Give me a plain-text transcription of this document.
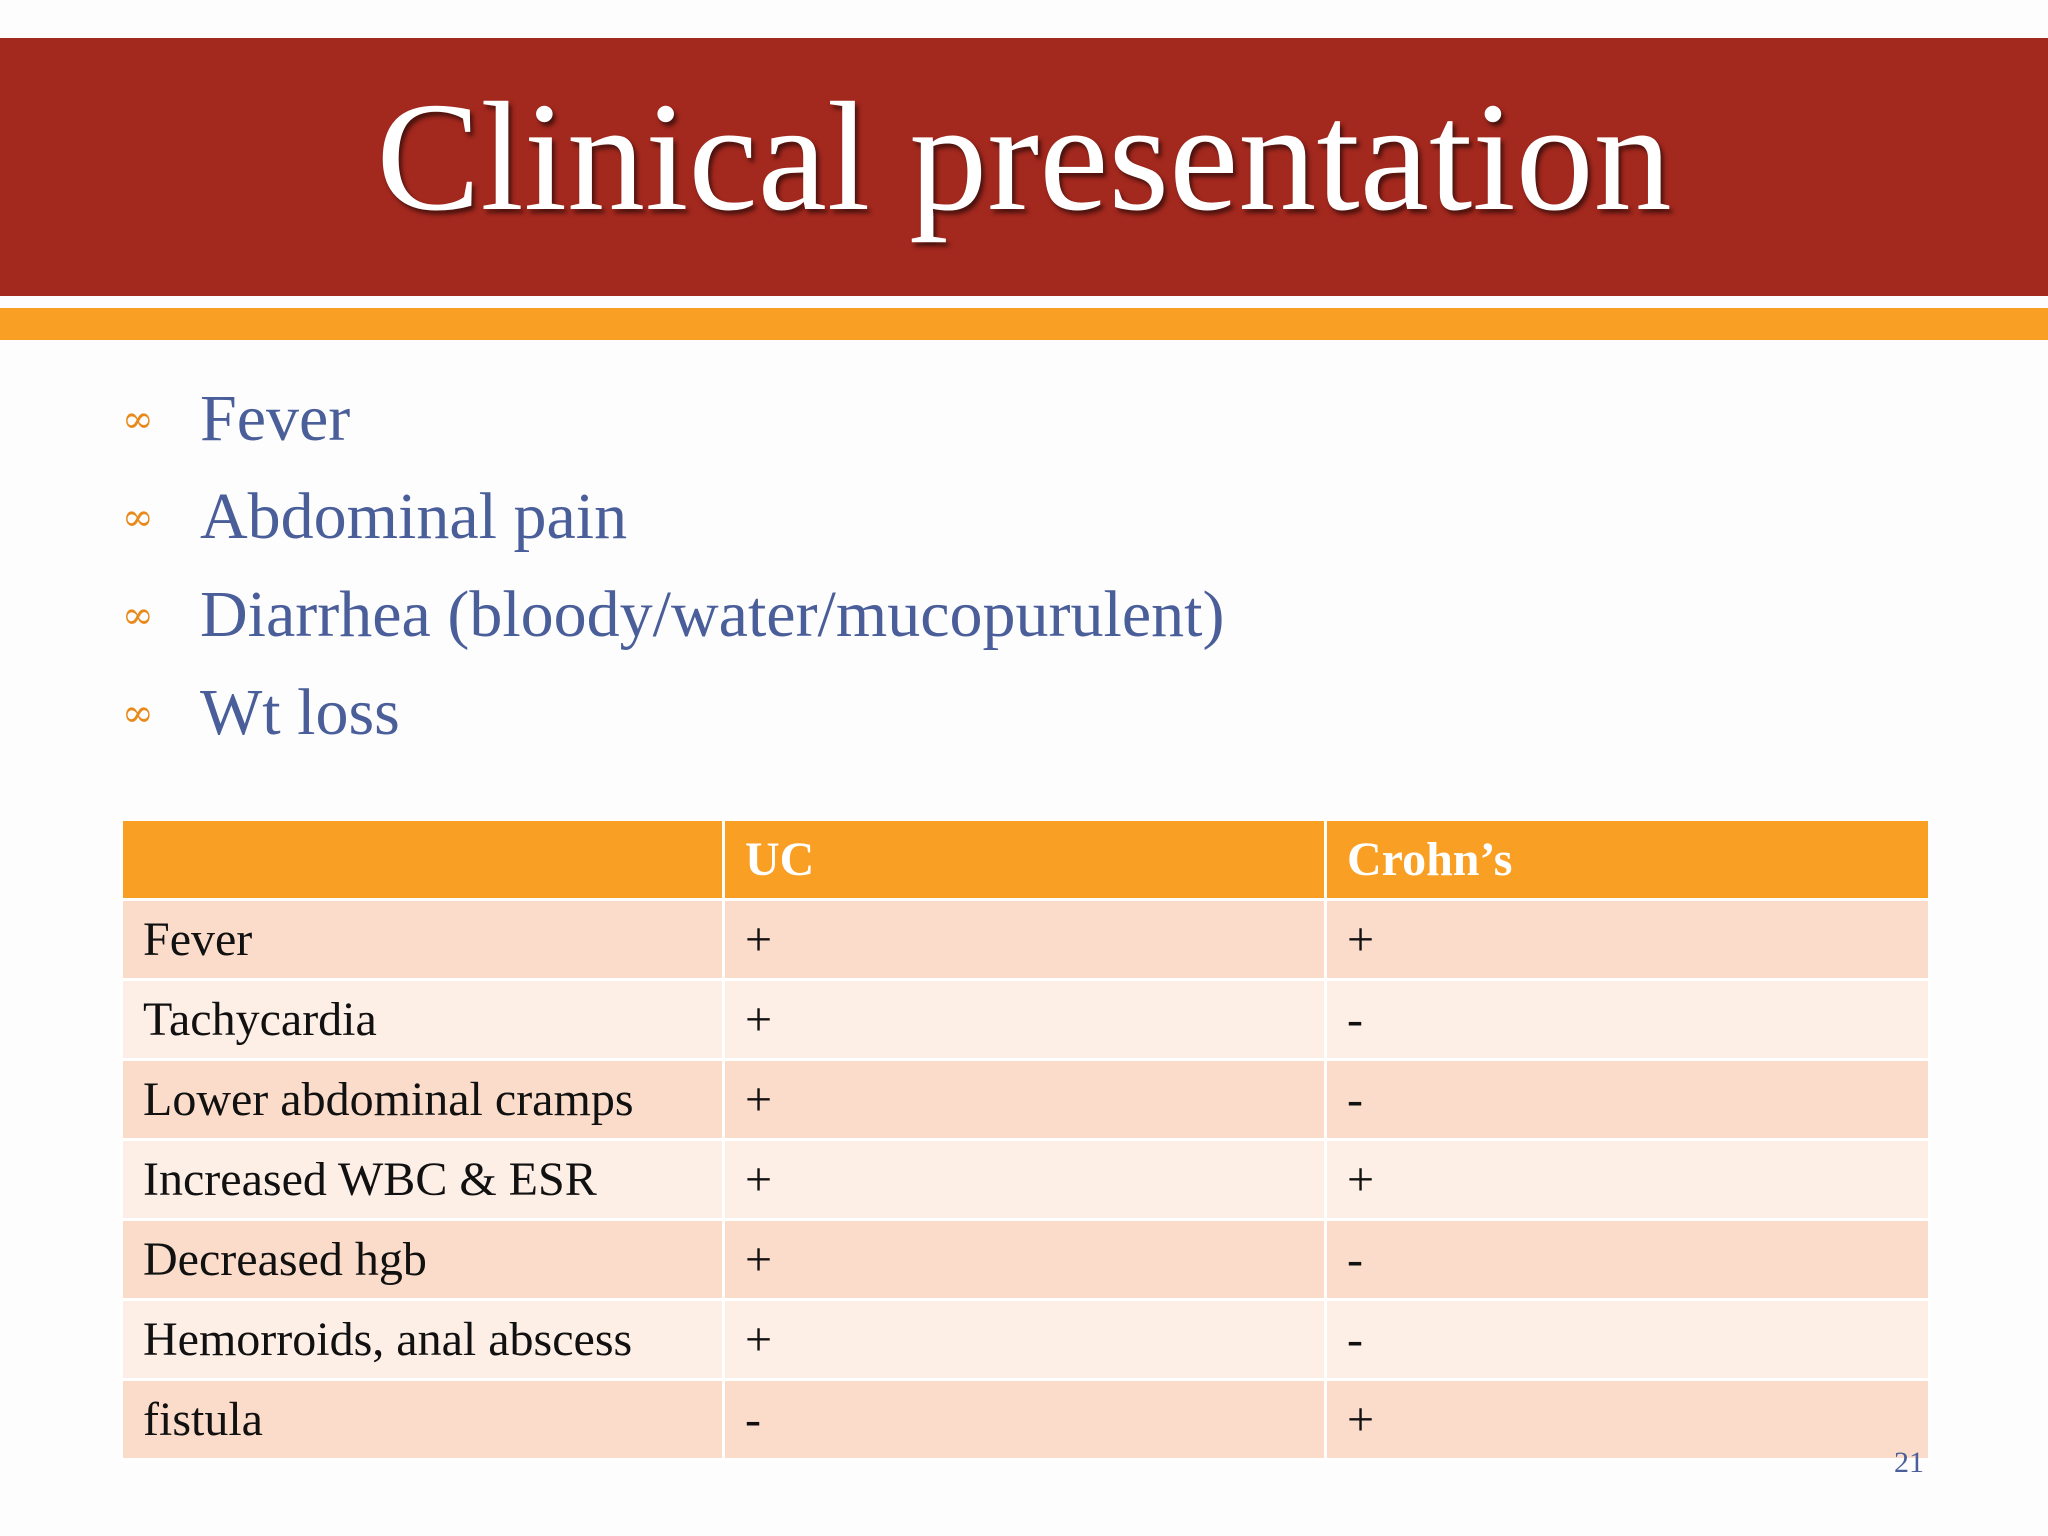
Clinical presentation
∞ Fever
∞ Abdominal pain
∞ Diarrhea (bloody/water/mucopurulent)
∞ Wt loss
	UC	Crohn’s
Fever	+	+
Tachycardia	+	-
Lower abdominal cramps	+	-
Increased WBC & ESR	+	+
Decreased hgb	+	-
Hemorroids, anal abscess	+	-
fistula	-	+
21
